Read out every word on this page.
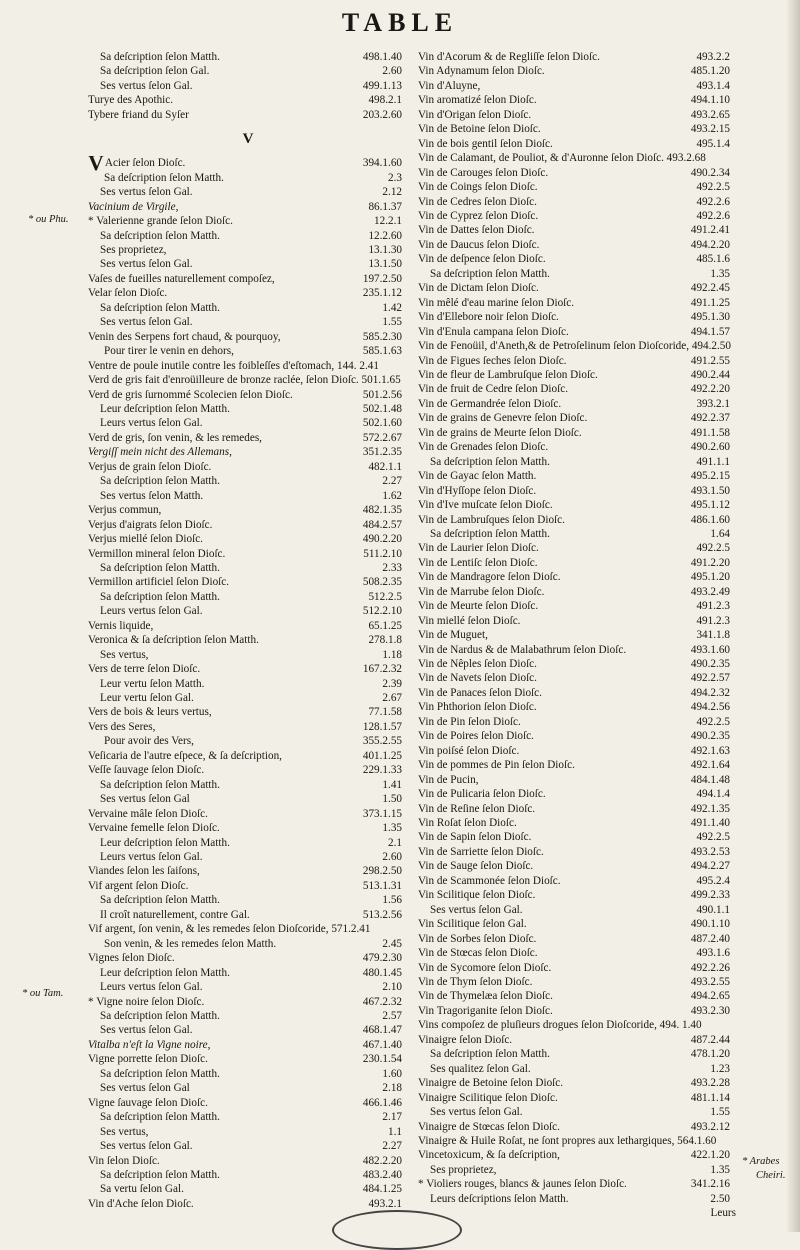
TABLE
Sa deſcription ſelon Matth.	498.1.40
Sa deſcription ſelon Gal.	2.60
Ses vertus ſelon Gal.	499.1.13
Turye des Apothic.	498.2.1
Tybere friand du Syſer	203.2.60
V
V Acier ſelon Dioſc.	394.1.60
Sa deſcription ſelon Matth.	2.3
Ses vertus ſelon Gal.	2.12
Vacinium de Virgile,	86.1.37
* Valerienne grande ſelon Dioſc.	12.2.1
Sa deſcription ſelon Matth.	12.2.60
Ses proprietez,	13.1.30
Ses vertus ſelon Gal.	13.1.50
Vaſes de fueilles naturellement compoſez,	197.2.50
Velar ſelon Dioſc.	235.1.12
Sa deſcription ſelon Matth.	1.42
Ses vertus ſelon Gal.	1.55
Venin des Serpens fort chaud, & pourquoy,	585.2.30
Pour tirer le venin en dehors,	585.1.63
Ventre de poule inutile contre les foibleſſes d'eſtomach, 144. 2.41
Verd de gris fait d'enroüilleure de bronze raclée, ſelon Dioſc. 501.1.65
Verd de gris ſurnommé Scolecien ſelon Dioſc.	501.2.56
Leur deſcription ſelon Matth.	502.1.48
Leurs vertus ſelon Gal.	502.1.60
Verd de gris, ſon venin, & les remedes,	572.2.67
Vergiſſ mein nicht des Allemans,	351.2.35
Verjus de grain ſelon Dioſc.	482.1.1
Sa deſcription ſelon Matth.	2.27
Ses vertus ſelon Matth.	1.62
Verjus commun,	482.1.35
Verjus d'aigrats ſelon Dioſc.	484.2.57
Verjus miellé ſelon Dioſc.	490.2.20
Vermillon mineral ſelon Dioſc.	511.2.10
Sa deſcription ſelon Matth.	2.33
Vermillon artificiel ſelon Dioſc.	508.2.35
Sa deſcription ſelon Matth.	512.2.5
Leurs vertus ſelon Gal.	512.2.10
Vernis liquide,	65.1.25
Veronica & ſa deſcription ſelon Matth.	278.1.8
Ses vertus,	1.18
Vers de terre ſelon Dioſc.	167.2.32
Leur vertu ſelon Matth.	2.39
Leur vertu ſelon Gal.	2.67
Vers de bois & leurs vertus,	77.1.58
Vers des Seres,	128.1.57
Pour avoir des Vers,	355.2.55
Veſicaria de l'autre eſpece, & ſa deſcription,	401.1.25
Veſſe ſauvage ſelon Dioſc.	229.1.33
Sa deſcription ſelon Matth.	1.41
Ses vertus ſelon Gal	1.50
Vervaine mâle ſelon Dioſc.	373.1.15
Vervaine femelle ſelon Dioſc.	1.35
Leur deſcription ſelon Matth.	2.1
Leurs vertus ſelon Gal.	2.60
Viandes ſelon les ſaiſons,	298.2.50
Vif argent ſelon Dioſc.	513.1.31
Sa deſcription ſelon Matth.	1.56
Il croît naturellement, contre Gal.	513.2.56
Vif argent, ſon venin, & les remedes ſelon Dioſcoride, 571.2.41
Son venin, & les remedes ſelon Matth.	2.45
Vignes ſelon Dioſc.	479.2.30
Leur deſcription ſelon Matth.	480.1.45
Leurs vertus ſelon Gal.	2.10
* Vigne noire ſelon Dioſc.	467.2.32
Sa deſcription ſelon Matth.	2.57
Ses vertus ſelon Gal.	468.1.47
Vitalba n'eſt la Vigne noire,	467.1.40
Vigne porrette ſelon Dioſc.	230.1.54
Sa deſcription ſelon Matth.	1.60
Ses vertus ſelon Gal	2.18
Vigne ſauvage ſelon Dioſc.	466.1.46
Sa deſcription ſelon Matth.	2.17
Ses vertus,	1.1
Ses vertus ſelon Gal.	2.27
Vin ſelon Dioſc.	482.2.20
Sa deſcription ſelon Matth.	483.2.40
Sa vertu ſelon Gal.	484.1.25
Vin d'Ache ſelon Dioſc.	493.2.1
Vin d'Acorum & de Regliſſe ſelon Dioſc.	493.2.2
Vin Adynamum ſelon Dioſc.	485.1.20
Vin d'Aluyne,	493.1.4
Vin aromatizé ſelon Dioſc.	494.1.10
Vin d'Origan ſelon Dioſc.	493.2.65
Vin de Betoine ſelon Dioſc.	493.2.15
Vin de bois gentil ſelon Dioſc.	495.1.4
Vin de Calamant, de Pouliot, & d'Auronne ſelon Dioſc. 493.2.68
Vin de Carouges ſelon Dioſc.	490.2.34
Vin de Coings ſelon Dioſc.	492.2.5
Vin de Cedres ſelon Dioſc.	492.2.6
Vin de Cyprez ſelon Dioſc.	492.2.6
Vin de Dattes ſelon Dioſc.	491.2.41
Vin de Daucus ſelon Dioſc.	494.2.20
Vin de deſpence ſelon Dioſc.	485.1.6
Sa deſcription ſelon Matth.	1.35
Vin de Dictam ſelon Dioſc.	492.2.45
Vin mêlé d'eau marine ſelon Dioſc.	491.1.25
Vin d'Ellebore noir ſelon Dioſc.	495.1.30
Vin d'Enula campana ſelon Dioſc.	494.1.57
Vin de Fenoüil, d'Aneth,& de Petroſelinum ſelon Dioſcoride, 494.2.50
Vin de Figues ſeches ſelon Dioſc.	491.2.55
Vin de fleur de Lambruſque ſelon Dioſc.	490.2.44
Vin de fruit de Cedre ſelon Dioſc.	492.2.20
Vin de Germandrée ſelon Dioſc.	393.2.1
Vin de grains de Genevre ſelon Dioſc.	492.2.37
Vin de grains de Meurte ſelon Dioſc.	491.1.58
Vin de Grenades ſelon Dioſc.	490.2.60
Sa deſcription ſelon Matth.	491.1.1
Vin de Gayac ſelon Matth.	495.2.15
Vin d'Hyſſope ſelon Dioſc.	493.1.50
Vin d'Ive muſcate ſelon Dioſc.	495.1.12
Vin de Lambruſques ſelon Dioſc.	486.1.60
Sa deſcription ſelon Matth.	1.64
Vin de Laurier ſelon Dioſc.	492.2.5
Vin de Lentiſc ſelon Dioſc.	491.2.20
Vin de Mandragore ſelon Dioſc.	495.1.20
Vin de Marrube ſelon Dioſc.	493.2.49
Vin de Meurte ſelon Dioſc.	491.2.3
Vin miellé ſelon Dioſc.	491.2.3
Vin de Muguet,	341.1.8
Vin de Nardus & de Malabathrum ſelon Dioſc.	493.1.60
Vin de Nêples ſelon Dioſc.	490.2.35
Vin de Navets ſelon Dioſc.	492.2.57
Vin de Panaces ſelon Dioſc.	494.2.32
Vin Phthorion ſelon Dioſc.	494.2.56
Vin de Pin ſelon Dioſc.	492.2.5
Vin de Poires ſelon Dioſc.	490.2.35
Vin poiſsé ſelon Dioſc.	492.1.63
Vin de pommes de Pin ſelon Dioſc.	492.1.64
Vin de Pucin,	484.1.48
Vin de Pulicaria ſelon Dioſc.	494.1.4
Vin de Reſine ſelon Dioſc.	492.1.35
Vin Roſat ſelon Dioſc.	491.1.40
Vin de Sapin ſelon Dioſc.	492.2.5
Vin de Sarriette ſelon Dioſc.	493.2.53
Vin de Sauge ſelon Dioſc.	494.2.27
Vin de Scammonée ſelon Dioſc.	495.2.4
Vin Scilitique ſelon Dioſc.	499.2.33
Ses vertus ſelon Gal.	490.1.1
Vin Scilitique ſelon Gal.	490.1.10
Vin de Sorbes ſelon Dioſc.	487.2.40
Vin de Stœcas ſelon Dioſc.	493.1.6
Vin de Sycomore ſelon Dioſc.	492.2.26
Vin de Thym ſelon Dioſc.	493.2.55
Vin de Thymelæa ſelon Dioſc.	494.2.65
Vin Tragoriganite ſelon Dioſc.	493.2.30
Vins compoſez de pluſieurs drogues ſelon Dioſcoride, 494. 1.40
Vinaigre ſelon Dioſc.	487.2.44
Sa deſcription ſelon Matth.	478.1.20
Ses qualitez ſelon Gal.	1.23
Vinaigre de Betoine ſelon Dioſc.	493.2.28
Vinaigre Scilitique ſelon Dioſc.	481.1.14
Ses vertus ſelon Gal.	1.55
Vinaigre de Stœcas ſelon Dioſc.	493.2.12
Vinaigre & Huile Roſat, ne ſont propres aux lethargiques, 564.1.60
Vincetoxicum, & ſa deſcription,	422.1.20
Ses proprietez,	1.35
* Violiers rouges, blancs & jaunes ſelon Dioſc.	341.2.16
Leurs deſcriptions ſelon Matth.	2.50
Leurs
* ou Phu.
* ou Tam.
* Arabes
Cheiri.
